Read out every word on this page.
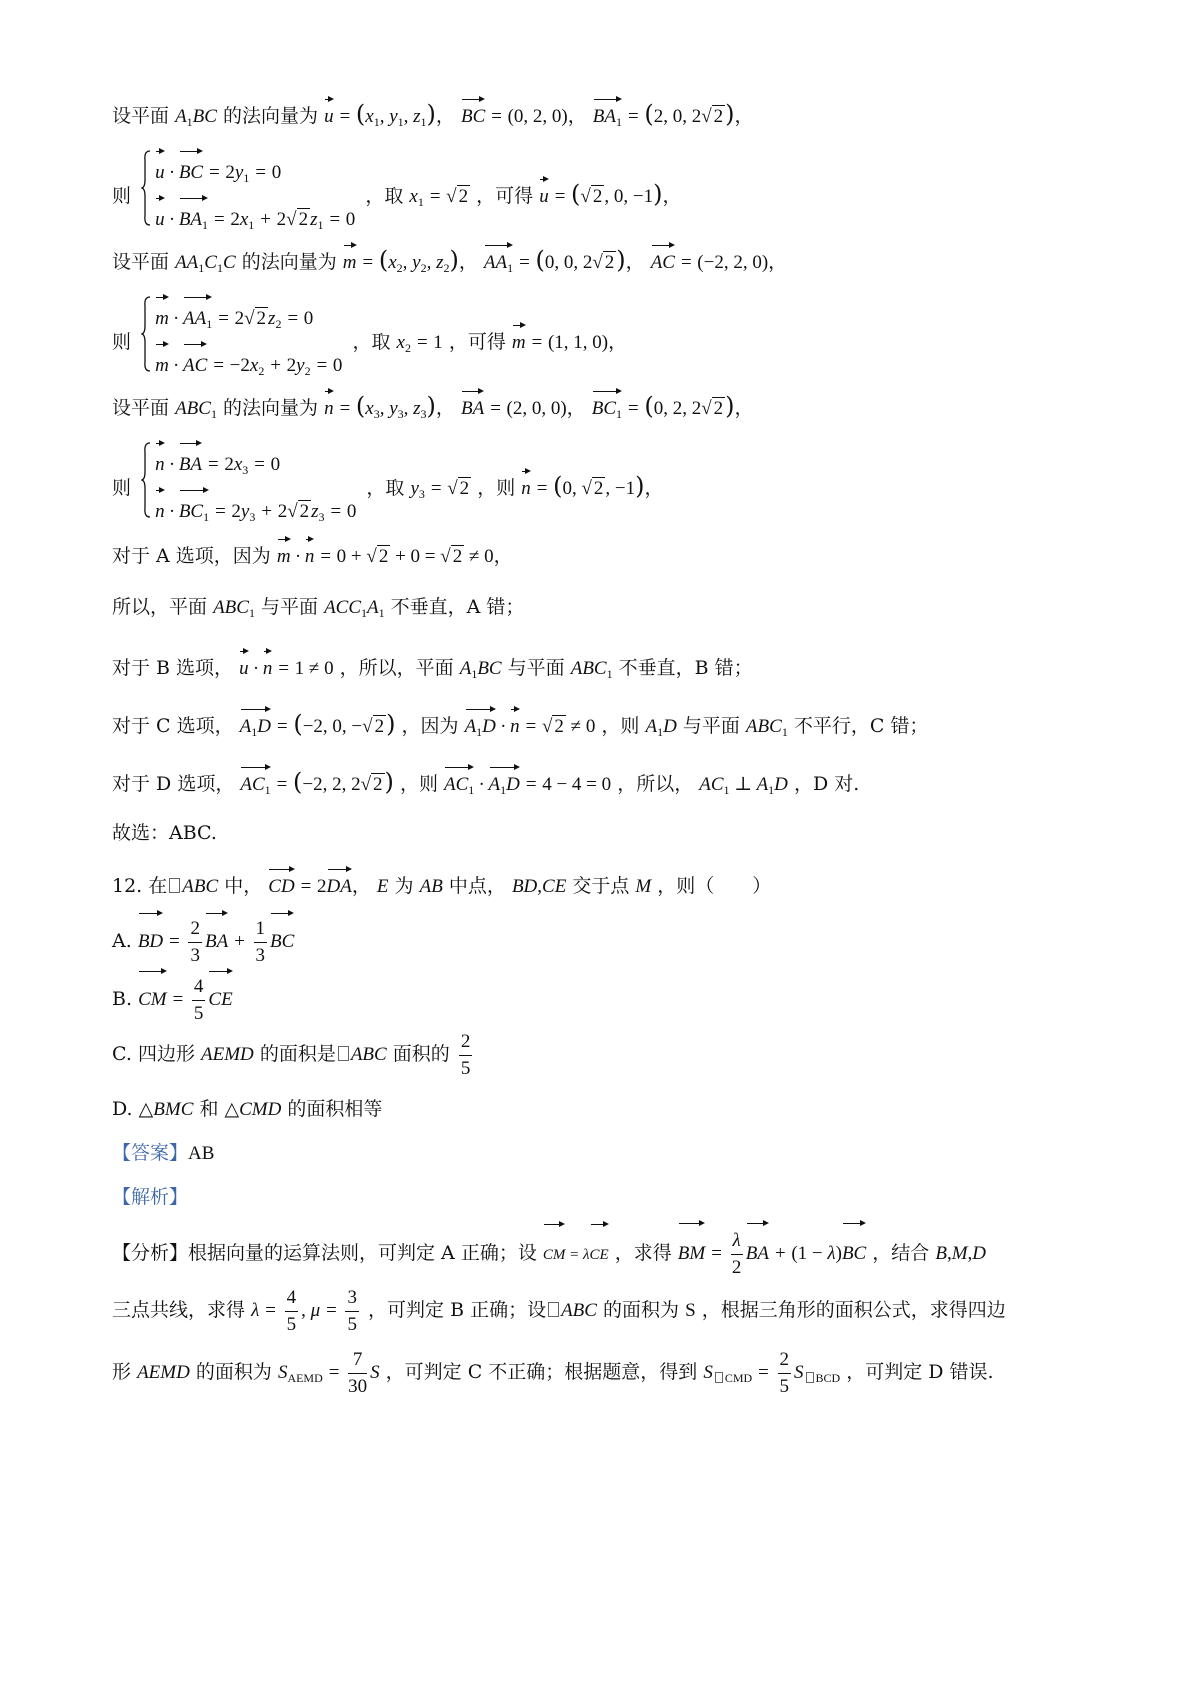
设平面 $A_1BC$ 的法向量为 $u = (x_1$, $y_1$, $z_1$)， BC = (0, 2, 0)， $BA_1 = (2$, 0, 2√ 2)，
则
u · BC = $2y_1 = 0$
$u \cdot BA_1 = 2x_1 + 2√$ 2 $z_1 = 0$
，取 $x_1$ = √ 2 ，可得 u = (√ 2 , 0, −1)，
设平面 $AA_1C_1C$ 的法向量为 $m = (x_2$, $y_2$, $z_2$)， $AA_1 = (0$, 0, 2√ 2)， AC = (−2, 2, 0)，
则
$m \cdot AA_1 = 2√$ 2 $z_2 = 0$
m · AC = $-2x_2 + 2y_2 = 0$
，取 $x_2 = 1$ ，可得 m = (1, 1, 0)，
设平面 $ABC_1$ 的法向量为 $n = (x_3$, $y_3$, $z_3$)， BA = (2, 0, 0)， $BC_1 = (0$, 2, 2√ 2)，
则
n · BA = $2x_3 = 0$
$n \cdot BC_1 = 2y_3 + 2√$ 2 $z_3 = 0$
，取 $y_3$ = √ 2 ，则 n = (0, √ 2 , −1)，
对于 A 选项，因为 m · n = 0 + √ 2 + 0 = √ 2 ≠ 0，
所以，平面 $ABC_1$ 与平面 $ACC_1A_1$ 不垂直，A 错；
对于 B 选项， u · n = 1 ≠ 0 ，所以，平面 $A_1BC$ 与平面 $ABC_1$ 不垂直，B 错；
对于 C 选项， $A_1D = (-2$, 0, −√ 2) ，因为 $A_1D \cdot n$ = √ 2 ≠ 0 ，则 $A_1D$ 与平面 $ABC_1$ 不平行，C 错；
对于 D 选项， $AC_1 = (-2$, 2, 2√ 2) ，则 $AC_1 \cdot A_1D = 4 - 4 = 0$ ，所以， $AC_1$ ⊥ $A_1D$ ，D 对.
故选：ABC.
12. 在 ABC 中， CD = 2DA， E 为 AB 中点， BD,CE 交于点 M ，则（　　）
A. BD = $\frac{2}{3}$ BA + $\frac{1}{3}$ BC
B. CM = $\frac{4}{5}$ CE
C. 四边形 AEMD 的面积是 ABC 面积的 $\frac{2}{5}$
D. △BMC 和 △CMD 的面积相等
【答案】AB
【解析】
【分析】根据向量的运算法则，可判定 A 正确；设 CM = λCE ，求得 BM = $\frac{\lambda}{2}$ BA + (1 − λ)BC ，结合 B,M,D
三点共线，求得 $\lambda = \frac{4}{5}$ , $\mu = \frac{3}{5}$ ，可判定 B 正确；设 ABC 的面积为 S ，根据三角形的面积公式，求得四边
形 AEMD 的面积为 $S_{AEMD} = \frac{7}{30}$ S ，可判定 C 不正确；根据题意，得到 S $_{CMD} = \frac{2}{5}$ S $_{BCD}$ ，可判定 D 错误.
